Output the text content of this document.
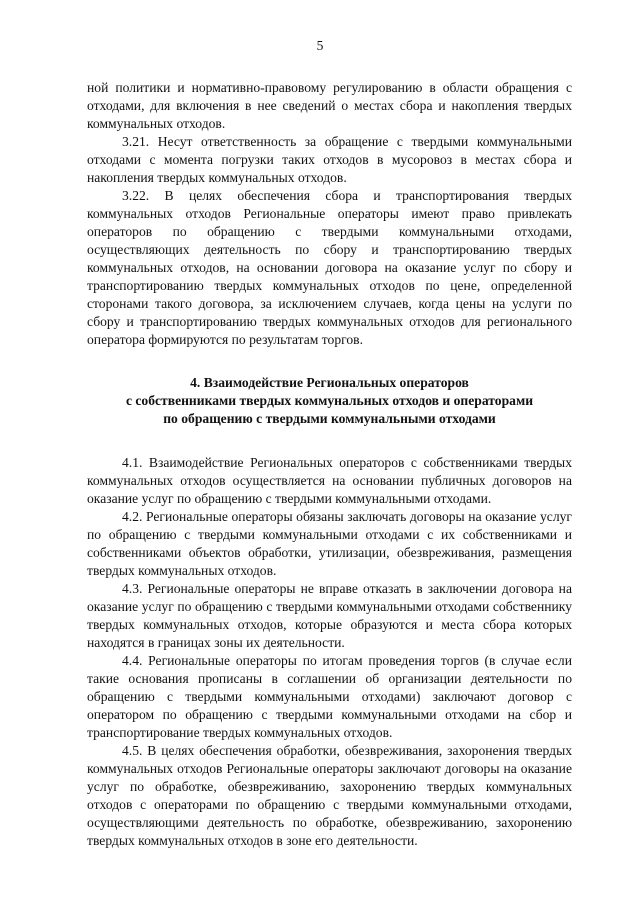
5

ной политики и нормативно-правовому регулированию в области обращения с отходами, для включения в нее сведений о местах сбора и накопления твердых коммунальных отходов.

3.21. Несут ответственность за обращение с твердыми коммунальными отходами с момента погрузки таких отходов в мусоровоз в местах сбора и накопления твердых коммунальных отходов.

3.22. В целях обеспечения сбора и транспортирования твердых коммунальных отходов Региональные операторы имеют право привлекать операторов по обращению с твердыми коммунальными отходами, осуществляющих деятельность по сбору и транспортированию твердых коммунальных отходов, на основании договора на оказание услуг по сбору и транспортированию твердых коммунальных отходов по цене, определенной сторонами такого договора, за исключением случаев, когда цены на услуги по сбору и транспортированию твердых коммунальных отходов для регионального оператора формируются по результатам торгов.

4. Взаимодействие Региональных операторов
с собственниками твердых коммунальных отходов и операторами
по обращению с твердыми коммунальными отходами

4.1. Взаимодействие Региональных операторов с собственниками твердых коммунальных отходов осуществляется на основании публичных договоров на оказание услуг по обращению с твердыми коммунальными отходами.

4.2. Региональные операторы обязаны заключать договоры на оказание услуг по обращению с твердыми коммунальными отходами с их собственниками и собственниками объектов обработки, утилизации, обезвреживания, размещения твердых коммунальных отходов.

4.3. Региональные операторы не вправе отказать в заключении договора на оказание услуг по обращению с твердыми коммунальными отходами собственнику твердых коммунальных отходов, которые образуются и места сбора которых находятся в границах зоны их деятельности.

4.4. Региональные операторы по итогам проведения торгов (в случае если такие основания прописаны в соглашении об организации деятельности по обращению с твердыми коммунальными отходами) заключают договор с оператором по обращению с твердыми коммунальными отходами на сбор и транспортирование твердых коммунальных отходов.

4.5. В целях обеспечения обработки, обезвреживания, захоронения твердых коммунальных отходов Региональные операторы заключают договоры на оказание услуг по обработке, обезвреживанию, захоронению твердых коммунальных отходов с операторами по обращению с твердыми коммунальными отходами, осуществляющими деятельность по обработке, обезвреживанию, захоронению твердых коммунальных отходов в зоне его деятельности.
